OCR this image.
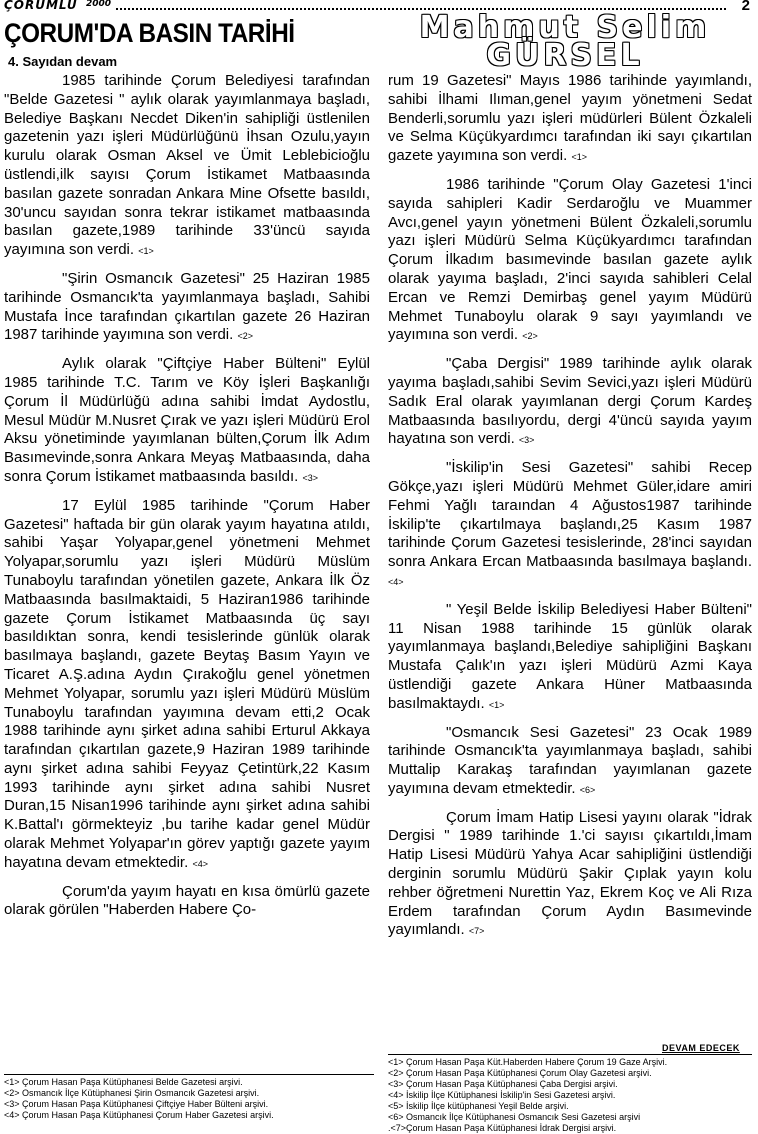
ÇORUMLU 2000	2
ÇORUM'DA BASIN TARİHİ	Mahmut Selim
GÜRSEL
4. Sayıdan devam

1985 tarihinde Çorum Belediyesi tarafından "Belde Gazetesi " aylık olarak yayımlanmaya başladı, Belediye Başkanı Necdet Diken'in sahipliği üstlenilen gazetenin yazı işleri Müdürlüğünü İhsan Ozulu,yayın kurulu olarak Osman Aksel ve Ümit Leblebicioğlu üstlendi,ilk sayısı Çorum İstikamet Matbaasında basılan gazete sonradan Ankara Mine Ofsette basıldı, 30'uncu sayıdan sonra tekrar istikamet matbaasında basılan gazete,1989 tarihinde 33'üncü sayıda yayımına son verdi. <1>

"Şirin Osmancık Gazetesi" 25 Haziran 1985 tarihinde Osmancık'ta yayımlanmaya başladı, Sahibi Mustafa İnce tarafından çıkartılan gazete 26 Haziran 1987 tarihinde yayımına son verdi. <2>

Aylık olarak "Çiftçiye Haber Bülteni" Eylül 1985 tarihinde T.C. Tarım ve Köy İşleri Başkanlığı Çorum İl Müdürlüğü adına sahibi İmdat Aydostlu, Mesul Müdür M.Nusret Çırak ve yazı işleri Müdürü Erol Aksu yönetiminde yayımlanan bülten,Çorum İlk Adım Basımevinde,sonra Ankara Meyaş Matbaasında, daha sonra Çorum İstikamet matbaasında basıldı. <3>

17 Eylül 1985 tarihinde "Çorum Haber Gazetesi" haftada bir gün olarak yayım hayatına atıldı, sahibi Yaşar Yolyapar,genel yönetmeni Mehmet Yolyapar,sorumlu yazı işleri Müdürü Müslüm Tunaboylu tarafından yönetilen gazete, Ankara İlk Öz Matbaasında basılmaktaidi, 5 Haziran1986 tarihinde gazete Çorum İstikamet Matbaasında üç sayı basıldıktan sonra, kendi tesislerinde günlük olarak basılmaya başlandı, gazete Beytaş Basım Yayın ve Ticaret A.Ş.adına Aydın Çırakoğlu genel yönetmen Mehmet Yolyapar, sorumlu yazı işleri Müdürü Müslüm Tunaboylu tarafından yayımına devam etti,2 Ocak 1988 tarihinde aynı şirket adına sahibi Erturul Akkaya tarafından çıkartılan gazete,9 Haziran 1989 tarihinde aynı şirket adına sahibi Feyyaz Çetintürk,22 Kasım 1993 tarihinde aynı şirket adına sahibi Nusret Duran,15 Nisan1996 tarihinde aynı şirket adına sahibi K.Battal'ı görmekteyiz ,bu tarihe kadar genel Müdür olarak Mehmet Yolyapar'ın görev yaptığı gazete yayım hayatına devam etmektedir. <4>

Çorum'da yayım hayatı en kısa ömürlü gazete olarak görülen "Haberden Habere Ço-

rum 19 Gazetesi" Mayıs 1986 tarihinde yayımlandı, sahibi İlhami Ilıman,genel yayım yönetmeni Sedat Benderli,sorumlu yazı işleri müdürleri Bülent Özkaleli ve Selma Küçükyardımcı tarafından iki sayı çıkartılan gazete yayımına son verdi. <1>

1986 tarihinde "Çorum Olay Gazetesi 1'inci sayıda sahipleri Kadir Serdaroğlu ve Muammer Avcı,genel yayın yönetmeni Bülent Özkaleli,sorumlu yazı işleri Müdürü Selma Küçükyardımcı tarafından Çorum İlkadım basımevinde basılan gazete aylık olarak yayıma başladı, 2'inci sayıda sahibleri Celal Ercan ve Remzi Demirbaş genel yayım Müdürü Mehmet Tunaboylu olarak 9 sayı yayımlandı ve yayımına son verdi. <2>

"Çaba Dergisi" 1989 tarihinde aylık olarak yayıma başladı,sahibi Sevim Sevici,yazı işleri Müdürü Sadık Eral olarak yayımlanan dergi Çorum Kardeş Matbaasında basılıyordu, dergi 4'üncü sayıda yayım hayatına son verdi. <3>

"İskilip'in Sesi Gazetesi" sahibi Recep Gökçe,yazı işleri Müdürü Mehmet Güler,idare amiri Fehmi Yağlı taraından 4 Ağustos1987 tarihinde İskilip'te çıkartılmaya başlandı,25 Kasım 1987 tarihinde Çorum Gazetesi tesislerinde, 28'inci sayıdan sonra Ankara Ercan Matbaasında basılmaya başlandı. <4>

" Yeşil Belde İskilip Belediyesi Haber Bülteni" 11 Nisan 1988 tarihinde 15 günlük olarak yayımlanmaya başlandı,Belediye sahipliğini Başkanı Mustafa Çalık'ın yazı işleri Müdürü Azmi Kaya üstlendiği gazete Ankara Hüner Matbaasında basılmaktaydı. <1>

"Osmancık Sesi Gazetesi" 23 Ocak 1989 tarihinde Osmancık'ta yayımlanmaya başladı, sahibi Muttalip Karakaş tarafından yayımlanan gazete yayımına devam etmektedir. <6>

Çorum İmam Hatip Lisesi yayını olarak "İdrak Dergisi " 1989 tarihinde 1.'ci sayısı çıkartıldı,İmam Hatip Lisesi Müdürü Yahya Acar sahipliğini üstlendiği derginin sorumlu Müdürü Şakir Çıplak yayın kolu rehber öğretmeni Nurettin Yaz, Ekrem Koç ve Ali Rıza Erdem tarafından Çorum Aydın Basımevinde yayımlandı. <7>

DEVAM EDECEK
<1> Çorum Hasan Paşa Kütüphanesi Belde Gazetesi arşivi.
<2> Osmancık İlçe Kütüphanesi Şirin Osmancık Gazetesi arşivi.
<3> Çorum Hasan Paşa Kütüphanesi Çiftçiye Haber Bülteni arşivi.
<4> Çorum Hasan Paşa Kütüphanesi Çorum Haber Gazetesi arşivi.
<1> Çorum Hasan Paşa Küt.Haberden Habere Çorum 19 Gaze Arşivi.
<2> Çorum Hasan Paşa Kütüphanesi Çorum Olay Gazetesi arşivi.
<3> Çorum Hasan Paşa Kütüphanesi Çaba Dergisi arşivi.
<4> İskilip İlçe Kütüphanesi İskilip'in Sesi Gazetesi arşivi.
<5> İskilip İlçe kütüphanesi Yeşil Belde arşivi.
<6> Osmancık İlçe Kütüphanesi Osmancık Sesi Gazetesi arşivi
.<7>Çorum Hasan Paşa Kütüphanesi İdrak Dergisi arşivi.
